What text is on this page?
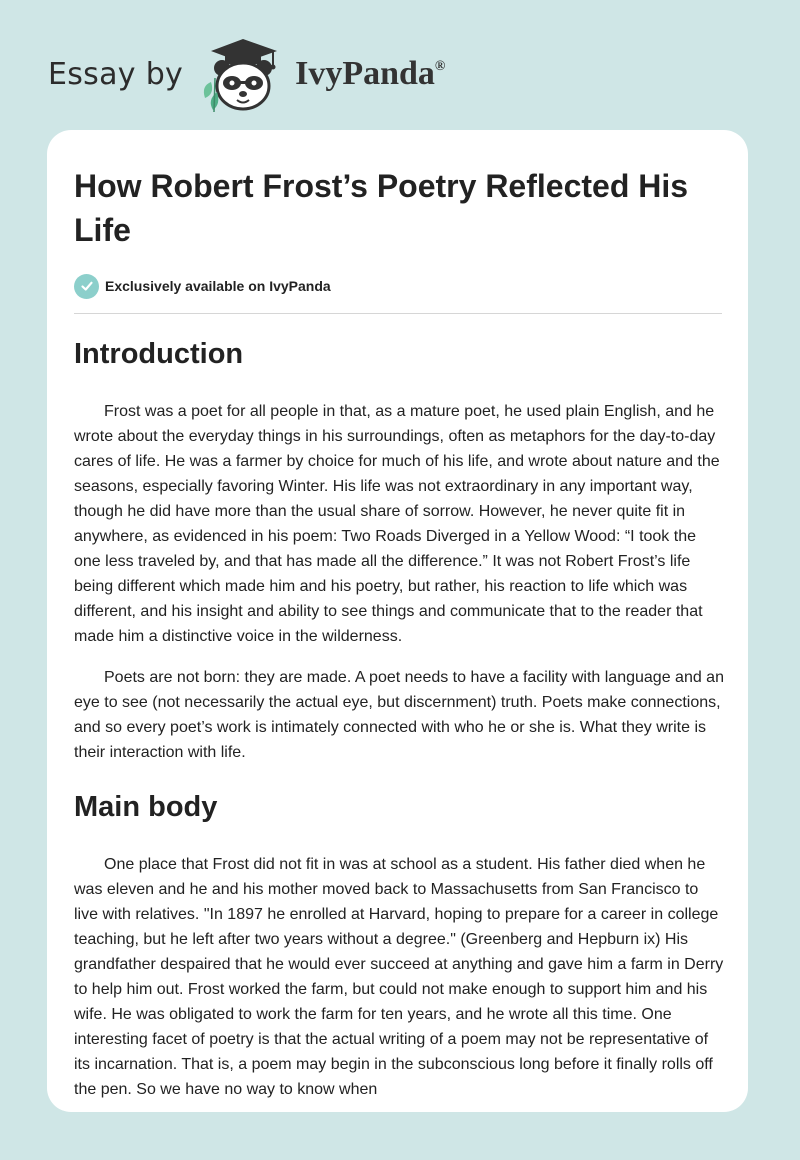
Essay by	IvyPanda®
How Robert Frost’s Poetry Reflected His Life
Exclusively available on IvyPanda
Introduction

Frost was a poet for all people in that, as a mature poet, he used plain English, and he wrote about the everyday things in his surroundings, often as metaphors for the day-to-day cares of life. He was a farmer by choice for much of his life, and wrote about nature and the seasons, especially favoring Winter. His life was not extraordinary in any important way, though he did have more than the usual share of sorrow. However, he never quite fit in anywhere, as evidenced in his poem: Two Roads Diverged in a Yellow Wood: “I took the one less traveled by, and that has made all the difference.” It was not Robert Frost’s life being different which made him and his poetry, but rather, his reaction to life which was different, and his insight and ability to see things and communicate that to the reader that made him a distinctive voice in the wilderness.

Poets are not born: they are made. A poet needs to have a facility with language and an eye to see (not necessarily the actual eye, but discernment) truth. Poets make connections, and so every poet’s work is intimately connected with who he or she is. What they write is their interaction with life.

Main body

One place that Frost did not fit in was at school as a student. His father died when he was eleven and he and his mother moved back to Massachusetts from San Francisco to live with relatives. "In 1897 he enrolled at Harvard, hoping to prepare for a career in college teaching, but he left after two years without a degree." (Greenberg and Hepburn ix) His grandfather despaired that he would ever succeed at anything and gave him a farm in Derry to help him out. Frost worked the farm, but could not make enough to support him and his wife. He was obligated to work the farm for ten years, and he wrote all this time. One interesting facet of poetry is that the actual writing of a poem may not be representative of its incarnation. That is, a poem may begin in the subconscious long before it finally rolls off the pen. So we have no way to know when
